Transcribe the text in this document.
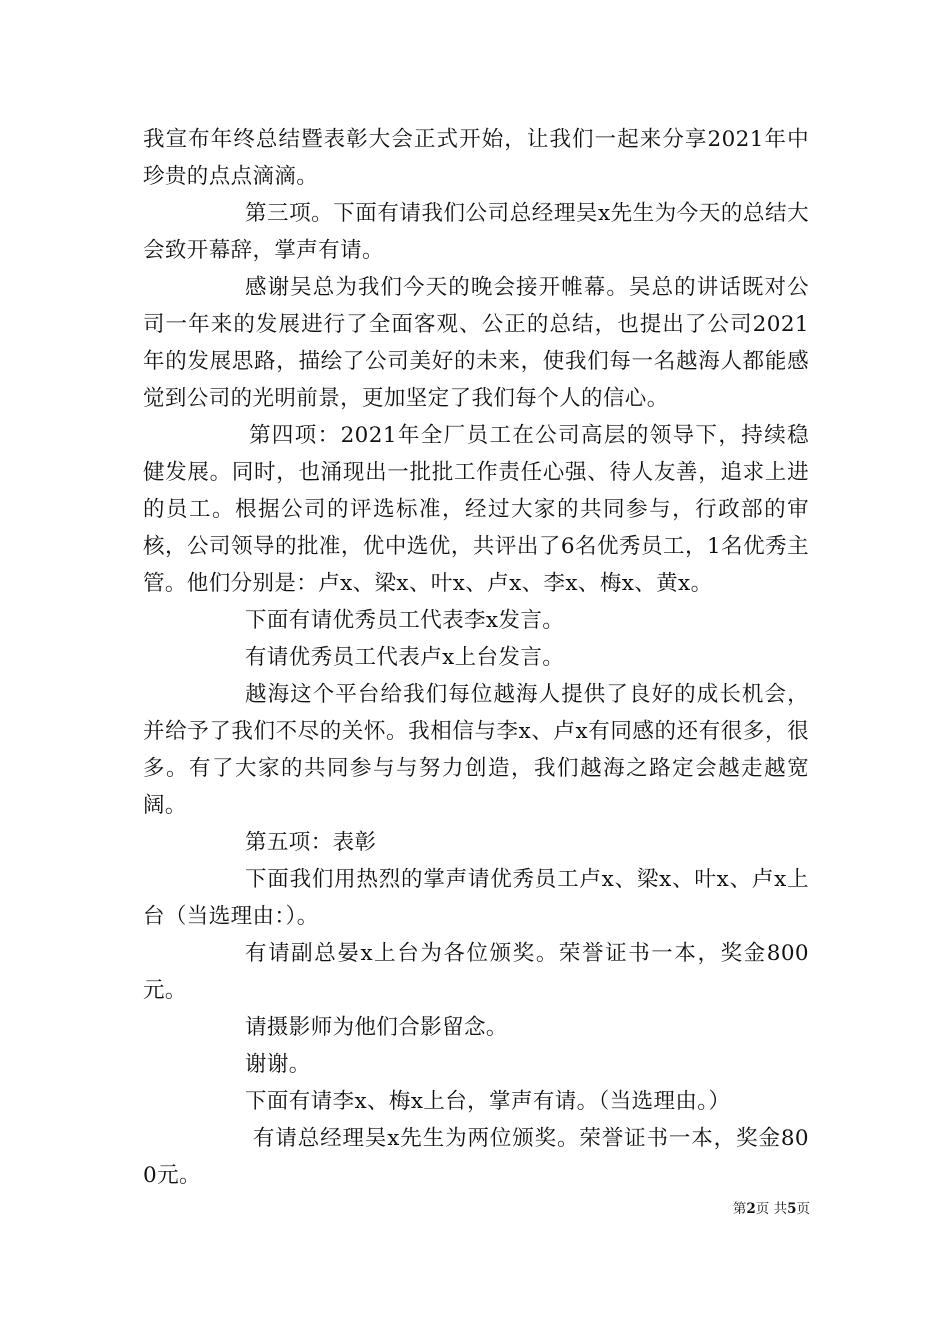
我宣布年终总结暨表彰大会正式开始，让我们一起来分享2021年中珍贵的点点滴滴。

第三项。下面有请我们公司总经理吴x先生为今天的总结大会致开幕辞，掌声有请。

感谢吴总为我们今天的晚会接开帷幕。吴总的讲话既对公司一年来的发展进行了全面客观、公正的总结，也提出了公司2021年的发展思路，描绘了公司美好的未来，使我们每一名越海人都能感觉到公司的光明前景，更加坚定了我们每个人的信心。

第四项：2021年全厂员工在公司高层的领导下，持续稳健发展。同时，也涌现出一批批工作责任心强、待人友善，追求上进的员工。根据公司的评选标准，经过大家的共同参与，行政部的审核，公司领导的批准，优中选优，共评出了6名优秀员工，1名优秀主管。他们分别是：卢x、梁x、叶x、卢x、李x、梅x、黄x。

下面有请优秀员工代表李x发言。

有请优秀员工代表卢x上台发言。

越海这个平台给我们每位越海人提供了良好的成长机会，并给予了我们不尽的关怀。我相信与李x、卢x有同感的还有很多，很多。有了大家的共同参与与努力创造，我们越海之路定会越走越宽阔。

第五项：表彰

下面我们用热烈的掌声请优秀员工卢x、梁x、叶x、卢x上台（当选理由：）。

有请副总晏x上台为各位颁奖。荣誉证书一本，奖金800元。

请摄影师为他们合影留念。

谢谢。

下面有请李x、梅x上台，掌声有请。（当选理由。）

有请总经理吴x先生为两位颁奖。荣誉证书一本，奖金800元。

第2页 共5页
